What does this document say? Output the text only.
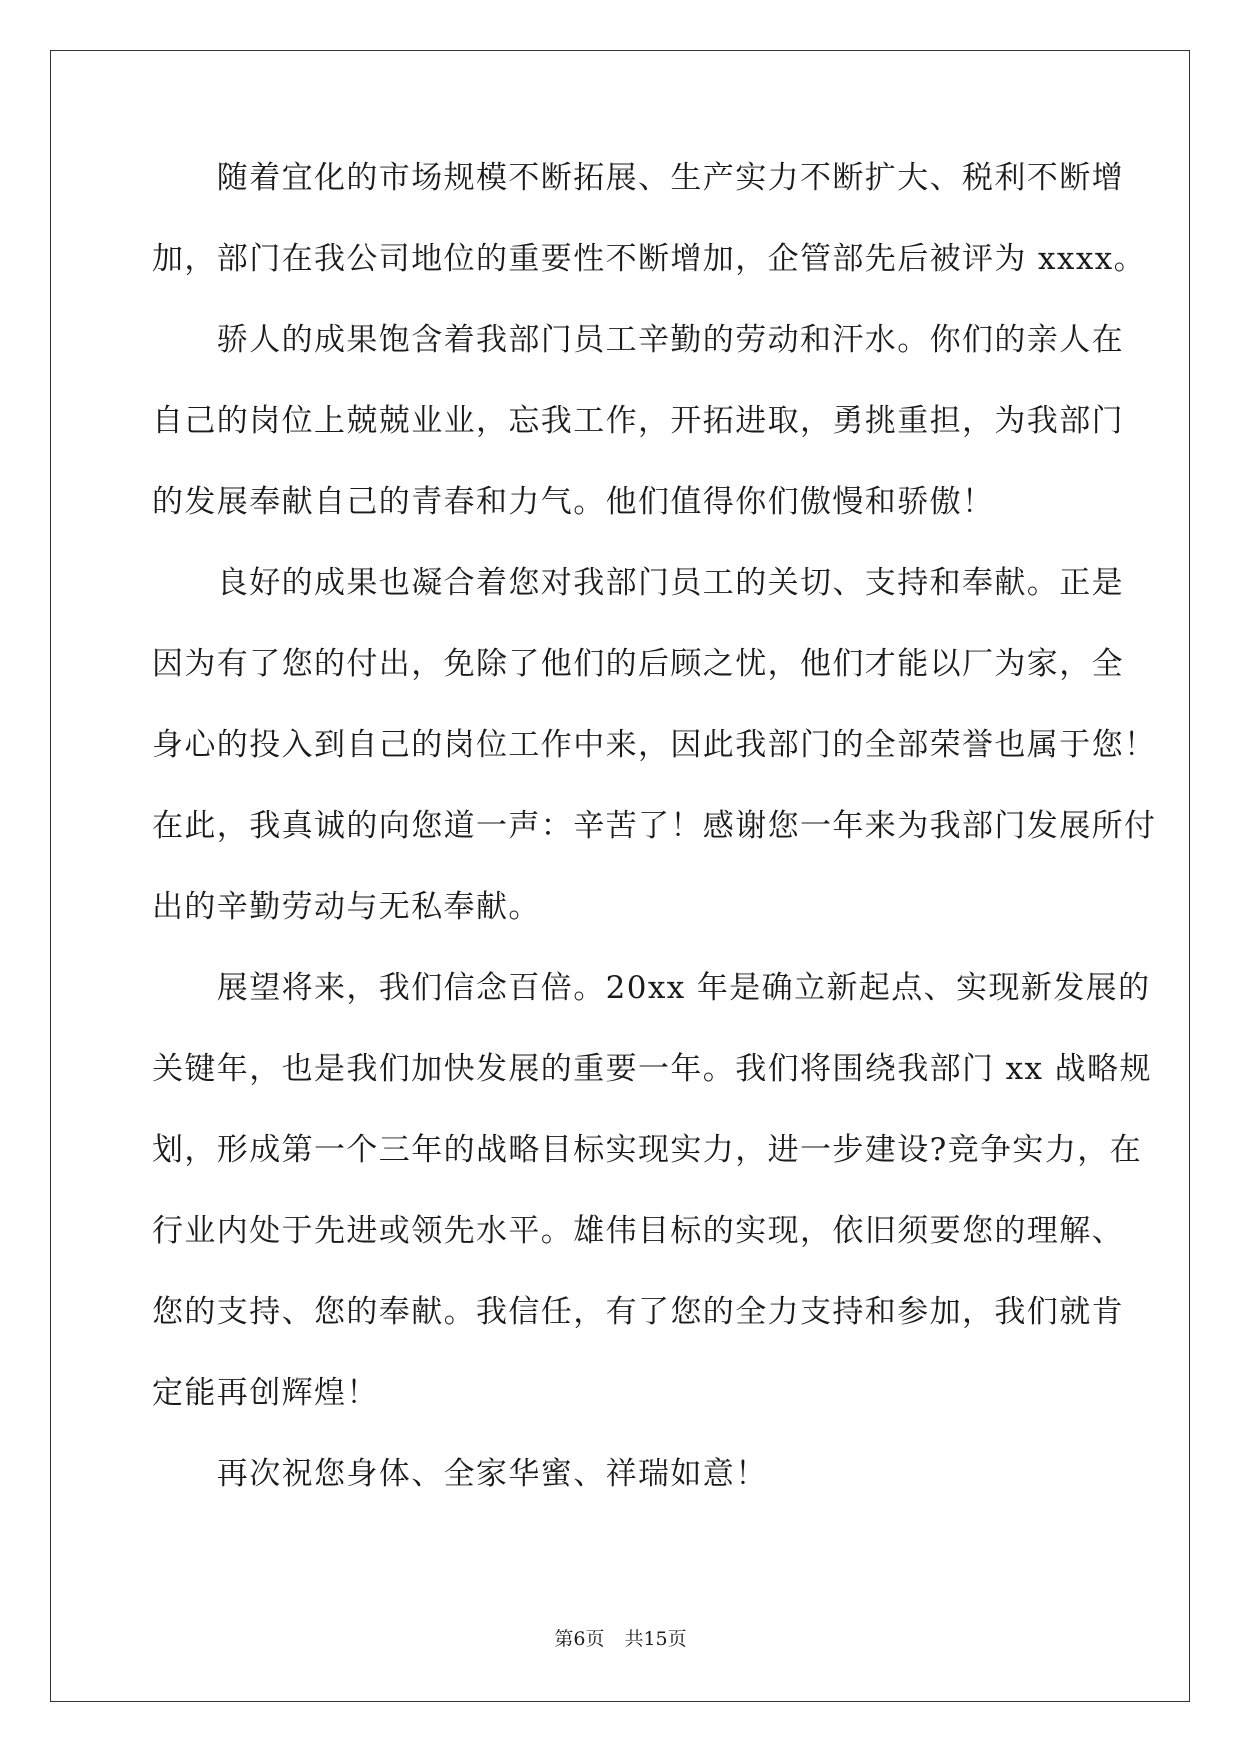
　　随着宜化的市场规模不断拓展、生产实力不断扩大、税利不断增
加，部门在我公司地位的重要性不断增加，企管部先后被评为 xxxx。
　　骄人的成果饱含着我部门员工辛勤的劳动和汗水。你们的亲人在
自己的岗位上兢兢业业，忘我工作，开拓进取，勇挑重担，为我部门
的发展奉献自己的青春和力气。他们值得你们傲慢和骄傲！
　　良好的成果也凝合着您对我部门员工的关切、支持和奉献。正是
因为有了您的付出，免除了他们的后顾之忧，他们才能以厂为家，全
身心的投入到自己的岗位工作中来，因此我部门的全部荣誉也属于您！
在此，我真诚的向您道一声：辛苦了！感谢您一年来为我部门发展所付
出的辛勤劳动与无私奉献。
　　展望将来，我们信念百倍。20xx 年是确立新起点、实现新发展的
关键年，也是我们加快发展的重要一年。我们将围绕我部门 xx 战略规
划，形成第一个三年的战略目标实现实力，进一步建设?竞争实力，在
行业内处于先进或领先水平。雄伟目标的实现，依旧须要您的理解、
您的支持、您的奉献。我信任，有了您的全力支持和参加，我们就肯
定能再创辉煌！
　　再次祝您身体、全家华蜜、祥瑞如意！
第6页 共15页
